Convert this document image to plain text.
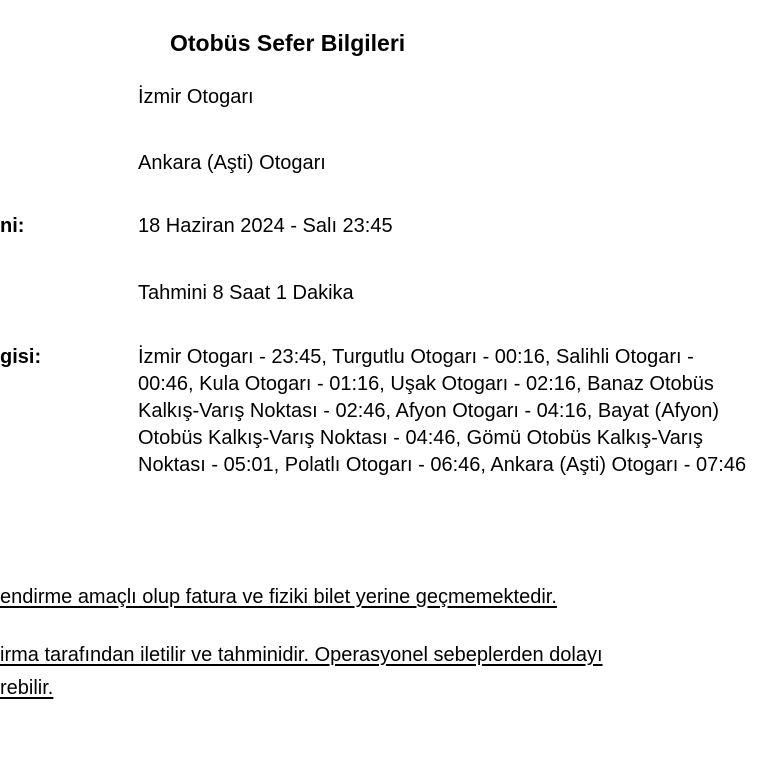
Otobüs Sefer Bilgileri
İzmir Otogarı
Ankara (Aşti) Otogarı
ni:	18 Haziran 2024 - Salı 23:45
Tahmini 8 Saat 1 Dakika
gisi:	İzmir Otogarı - 23:45, Turgutlu Otogarı - 00:16, Salihli Otogarı - 00:46, Kula Otogarı - 01:16, Uşak Otogarı - 02:16, Banaz Otobüs Kalkış-Varış Noktası - 02:46, Afyon Otogarı - 04:16, Bayat (Afyon) Otobüs Kalkış-Varış Noktası - 04:46, Gömü Otobüs Kalkış-Varış Noktası - 05:01, Polatlı Otogarı - 06:46, Ankara (Aşti) Otogarı - 07:46
endirme amaçlı olup fatura ve fiziki bilet yerine geçmemektedir.
irma tarafından iletilir ve tahminidir. Operasyonel sebeplerden dolayı
rebilir.
